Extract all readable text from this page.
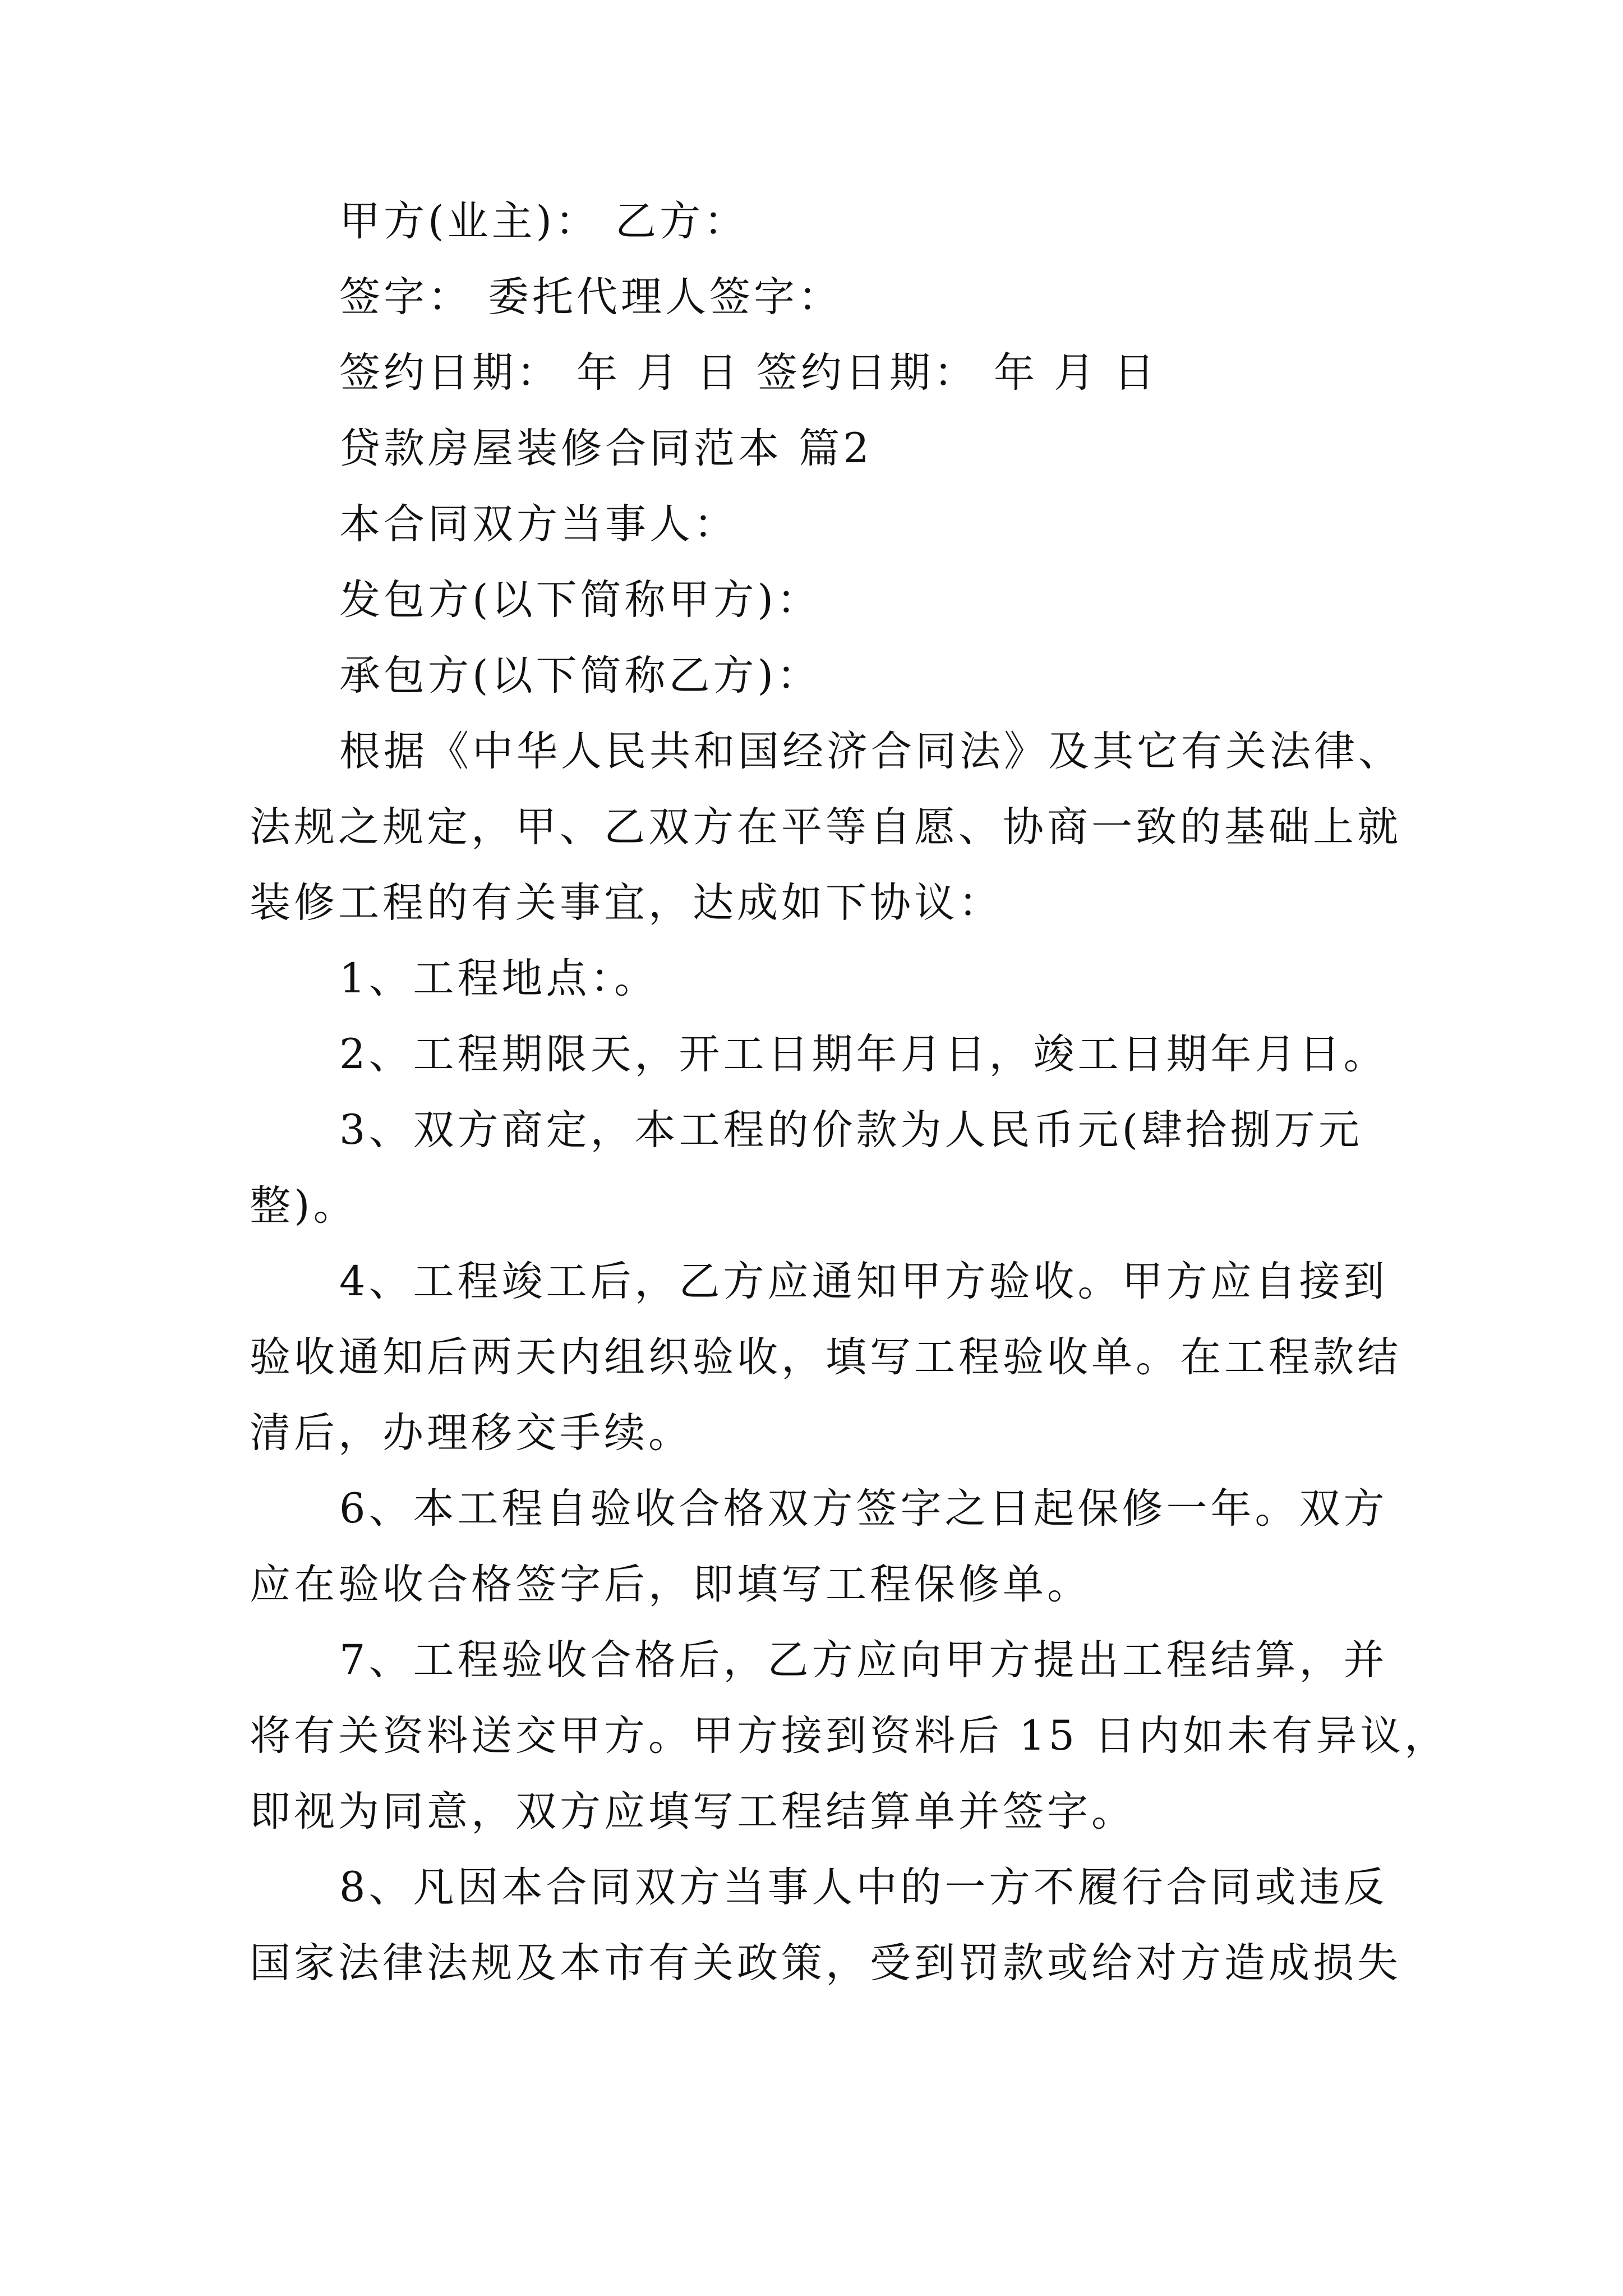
甲方(业主)： 乙方：
签字： 委托代理人签字：
签约日期： 年 月 日 签约日期： 年 月 日
贷款房屋装修合同范本 篇2
本合同双方当事人：
发包方(以下简称甲方)：
承包方(以下简称乙方)：
根据《中华人民共和国经济合同法》及其它有关法律、
法规之规定，甲、乙双方在平等自愿、协商一致的基础上就
装修工程的有关事宜，达成如下协议：
1、工程地点：。
2、工程期限天，开工日期年月日，竣工日期年月日。
3、双方商定，本工程的价款为人民币元(肆拾捌万元
整)。
4、工程竣工后，乙方应通知甲方验收。甲方应自接到
验收通知后两天内组织验收，填写工程验收单。在工程款结
清后，办理移交手续。
6、本工程自验收合格双方签字之日起保修一年。双方
应在验收合格签字后，即填写工程保修单。
7、工程验收合格后，乙方应向甲方提出工程结算，并
将有关资料送交甲方。甲方接到资料后 15 日内如未有异议，
即视为同意，双方应填写工程结算单并签字。
8、凡因本合同双方当事人中的一方不履行合同或违反
国家法律法规及本市有关政策，受到罚款或给对方造成损失
